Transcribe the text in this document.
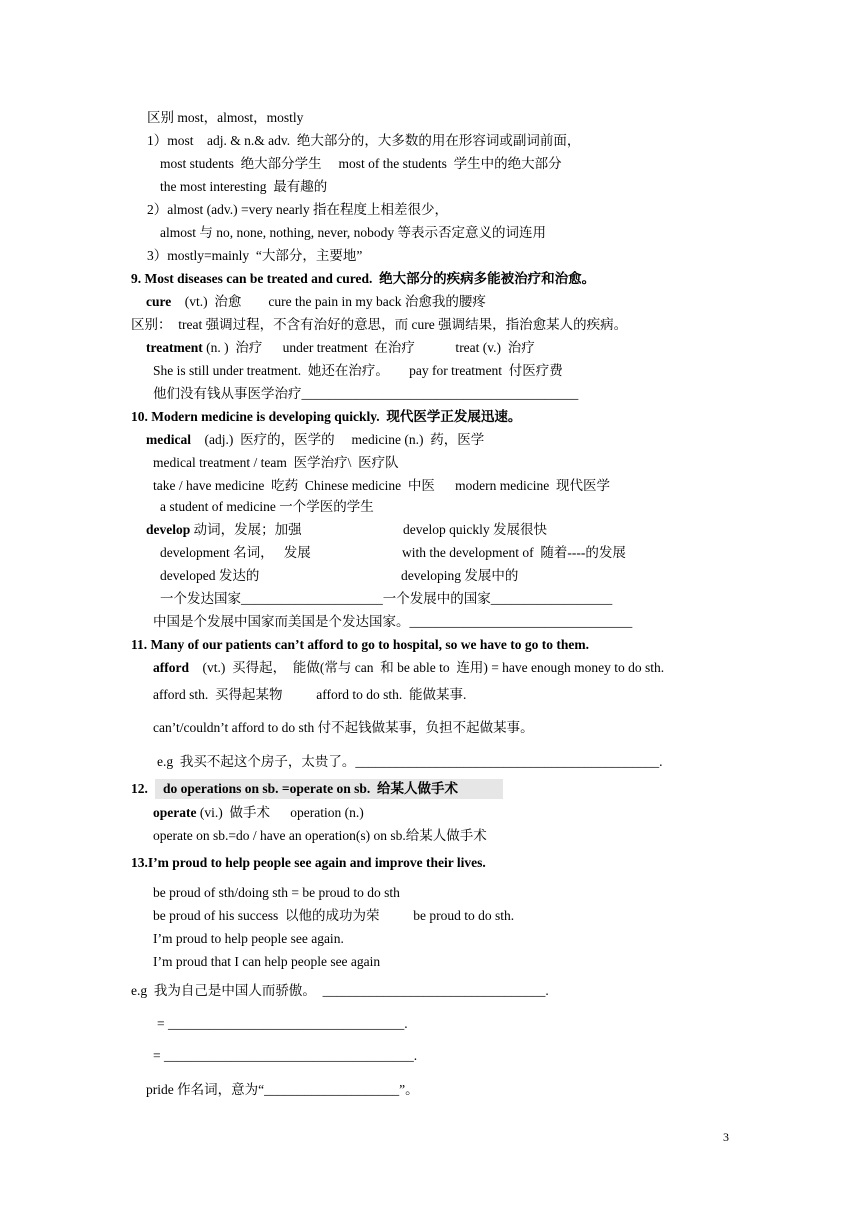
区别 most，almost，mostly
1）most    adj. & n.& adv.  绝大部分的，大多数的用在形容词或副词前面，
most students  绝大部分学生     most of the students  学生中的绝大部分
the most interesting  最有趣的
2）almost (adv.) =very nearly 指在程度上相差很少，
almost 与 no, none, nothing, never, nobody 等表示否定意义的词连用
3）mostly=mainly  “大部分，主要地”
9. Most diseases can be treated and cured.  绝大部分的疾病多能被治疗和治愈。
cure    (vt.)  治愈        cure the pain in my back 治愈我的腰疼
区别：  treat 强调过程，不含有治好的意思，而 cure 强调结果，指治愈某人的疾病。
treatment (n. )  治疗      under treatment  在治疗            treat (v.)  治疗
She is still under treatment.  她还在治疗。      pay for treatment  付医疗费
他们没有钱从事医学治疗_________________________________________
10. Modern medicine is developing quickly.  现代医学正发展迅速。
medical    (adj.)  医疗的，医学的     medicine (n.)  药，医学
medical treatment / team  医学治疗\  医疗队
take / have medicine  吃药  Chinese medicine  中医      modern medicine  现代医学
a student of medicine 一个学医的学生
develop 动词，发展；加强	develop quickly 发展很快
development 名词，   发展	with the development of  随着----的发展
developed 发达的	developing 发展中的
一个发达国家_____________________一个发展中的国家__________________
中国是个发展中国家而美国是个发达国家。_________________________________
11. Many of our patients can’t afford to go to hospital, so we have to go to them.
afford    (vt.)  买得起，  能做(常与 can  和 be able to  连用) = have enough money to do sth.
afford sth.  买得起某物          afford to do sth.  能做某事.
can’t/couldn’t afford to do sth 付不起钱做某事，负担不起做某事。
e.g  我买不起这个房子，太贵了。_____________________________________________.
12. do operations on sb. =operate on sb.  给某人做手术
operate (vi.)  做手术      operation (n.)
operate on sb.=do / have an operation(s) on sb.给某人做手术
13.I’m proud to help people see again and improve their lives.
be proud of sth/doing sth = be proud to do sth
be proud of his success  以他的成功为荣          be proud to do sth.
I’m proud to help people see again.
I’m proud that I can help people see again
e.g  我为自己是中国人而骄傲。  _________________________________.
= ___________________________________.
= _____________________________________.
pride 作名词，意为“____________________”。
3
